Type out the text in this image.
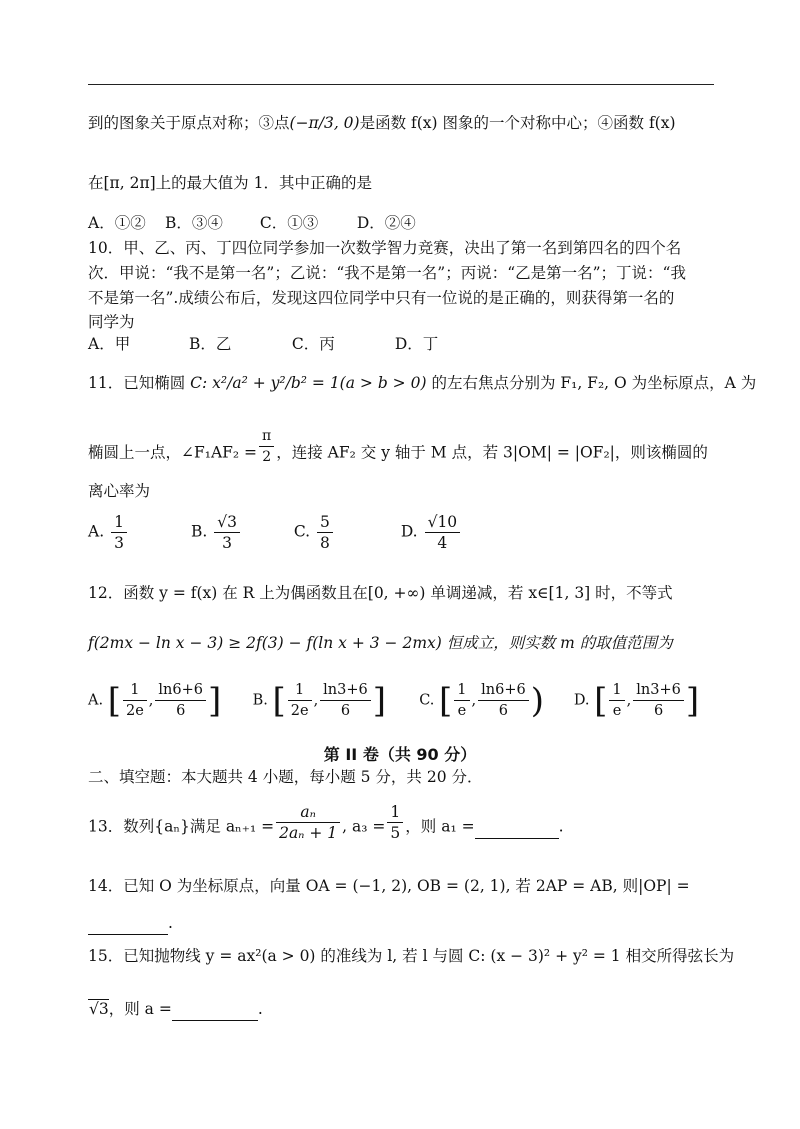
到的图象关于原点对称；③点(−π/3, 0)是函数 f(x) 图象的一个对称中心；④函数 f(x)
在[π, 2π]上的最大值为 1．其中正确的是
A．①② B．③④ C．①③ D．②④
10．甲、乙、丙、丁四位同学参加一次数学智力竞赛，决出了第一名到第四名的四个名
次．甲说：“我不是第一名”；乙说：“我不是第一名”；丙说：“乙是第一名”；丁说：“我
不是第一名”.成绩公布后，发现这四位同学中只有一位说的是正确的，则获得第一名的
同学为
A．甲	B．乙	C．丙	D．丁
11．已知椭圆 C: x²/a² + y²/b² = 1(a > b > 0) 的左右焦点分别为 F₁, F₂, O 为坐标原点，A 为
椭圆上一点，∠F₁AF₂ = $\frac{\pi}{2}$ ，连接 AF₂ 交 y 轴于 M 点，若 3|OM| = |OF₂|，则该椭圆的
离心率为
A. $\frac{1}{3}$	B. $\frac{√3}{3}$	C. $\frac{5}{8}$	D. $\frac{√10}{4}$
12．函数 y = f(x) 在 R 上为偶函数且在[0, +∞) 单调递减，若 x∈[1, 3] 时，不等式
f(2mx − ln x − 3) ≥ 2f(3) − f(ln x + 3 − 2mx) 恒成立，则实数 m 的取值范围为
A. [ $\frac{1}{2e}$ , $\frac{\ln 6+6}{6}$ ] B. [ $\frac{1}{2e}$ , $\frac{\ln 3+6}{6}$ ] C. [ $\frac{1}{e}$ , $\frac{\ln 6+6}{6}$ ) D. [ $\frac{1}{e}$ , $\frac{\ln 3+6}{6}$ ]
第 II 卷（共 90 分）
二、填空题：本大题共 4 小题，每小题 5 分，共 20 分．
13．数列{aₙ}满足 $a_{n+1} = \frac{\text{aₙ}}{\text{2aₙ + 1}}$ , $a_3 = \frac{1}{5}$ ，则 a₁ =	.
14．已知 O 为坐标原点，向量 OA = (−1, 2), OB = (2, 1), 若 2AP = AB, 则|OP| =
.
15．已知抛物线 y = ax²(a > 0) 的准线为 l, 若 l 与圆 C: (x − 3)² + y² = 1 相交所得弦长为
√3，则 a =	.
